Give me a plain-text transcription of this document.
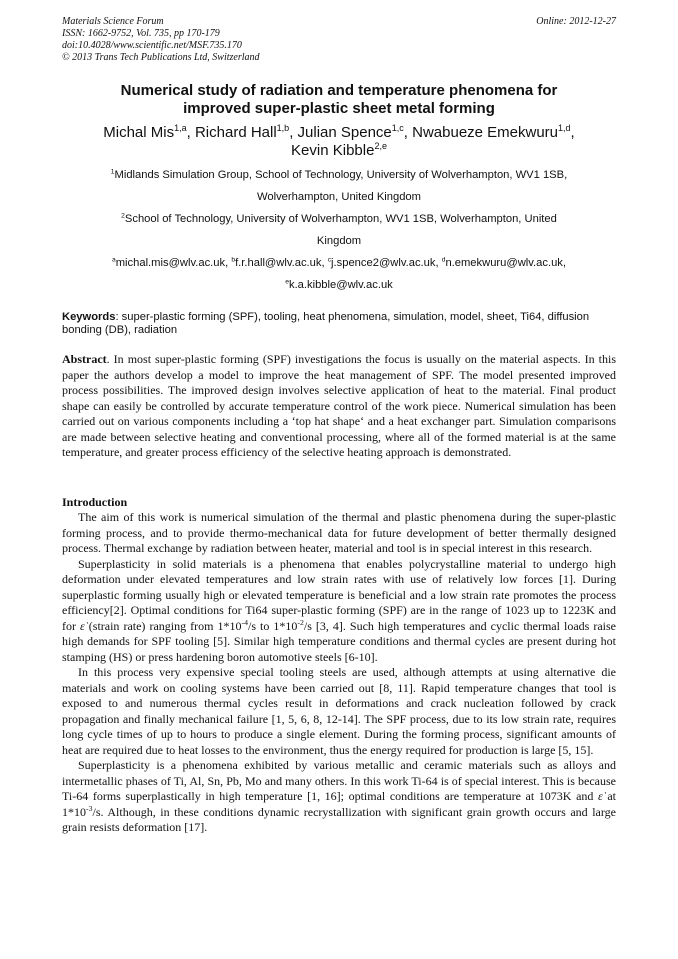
Materials Science Forum	Online: 2012-12-27
ISSN: 1662-9752, Vol. 735, pp 170-179
doi:10.4028/www.scientific.net/MSF.735.170
© 2013 Trans Tech Publications Ltd, Switzerland
Numerical study of radiation and temperature phenomena for
improved super-plastic sheet metal forming
Michal Mis$^{1,a}$, Richard Hall$^{1,b}$, Julian Spence$^{1,c}$, Nwabueze Emekwuru$^{1,d}$,
Kevin Kibble$^{2,e}$
$^1$Midlands Simulation Group, School of Technology, University of Wolverhampton, WV1 1SB,
Wolverhampton, United Kingdom
$^2$School of Technology, University of Wolverhampton, WV1 1SB, Wolverhampton, United
Kingdom
$^a$michal.mis@wlv.ac.uk, $^b$f.r.hall@wlv.ac.uk, $^c$j.spence2@wlv.ac.uk, $^d$n.emekwuru@wlv.ac.uk,
$^e$k.a.kibble@wlv.ac.uk
Keywords: super-plastic forming (SPF), tooling, heat phenomena, simulation, model, sheet, Ti64, diffusion bonding (DB), radiation
Abstract. In most super-plastic forming (SPF) investigations the focus is usually on the material aspects. In this paper the authors develop a model to improve the heat management of SPF. The model presented improved process possibilities. The improved design involves selective application of heat to the material. Final product shape can easily be controlled by accurate temperature control of the work piece. Numerical simulation has been carried out on various components including a ‘top hat shape‘ and a heat exchanger part. Simulation comparisons are made between selective heating and conventional processing, where all of the formed material is at the same temperature, and greater process efficiency of the selective heating approach is demonstrated.
Introduction

The aim of this work is numerical simulation of the thermal and plastic phenomena during the super-plastic forming process, and to provide thermo-mechanical data for future development of better thermally designed process. Thermal exchange by radiation between heater, material and tool is in special interest in this research.

Superplasticity in solid materials is a phenomena that enables polycrystalline material to undergo high deformation under elevated temperatures and low strain rates with use of relatively low forces [1]. During superplastic forming usually high or elevated temperature is beneficial and a low strain rate promotes the process efficiency[2]. Optimal conditions for Ti64 super-plastic forming (SPF) are in the range of 1023 up to 1223K and for ε̇ (strain rate) ranging from $1*10^{-4}/s$ to $1*10^{-2}/s$ [3, 4]. Such high temperatures and cyclic thermal loads raise high demands for SPF tooling [5]. Similar high temperature conditions and thermal cycles are present during hot stamping (HS) or press hardening boron automotive steels [6-10].

In this process very expensive special tooling steels are used, although attempts at using alternative die materials and work on cooling systems have been carried out [8, 11]. Rapid temperature changes that tool is exposed to and numerous thermal cycles result in deformations and crack nucleation followed by crack propagation and finally mechanical failure [1, 5, 6, 8, 12-14]. The SPF process, due to its low strain rate, requires long cycle times of up to hours to produce a single element. During the forming process, significant amounts of heat are required due to heat losses to the environment, thus the energy required for production is large [5, 15].

Superplasticity is a phenomena exhibited by various metallic and ceramic materials such as alloys and intermetallic phases of Ti, Al, Sn, Pb, Mo and many others. In this work Ti-64 is of special interest. This is because Ti-64 forms superplastically in high temperature [1, 16]; optimal conditions are temperature at 1073K and ε̇ at $1*10^{-3}/s$. Although, in these conditions dynamic recrystallization with significant grain growth occurs and large grain resists deformation [17].
